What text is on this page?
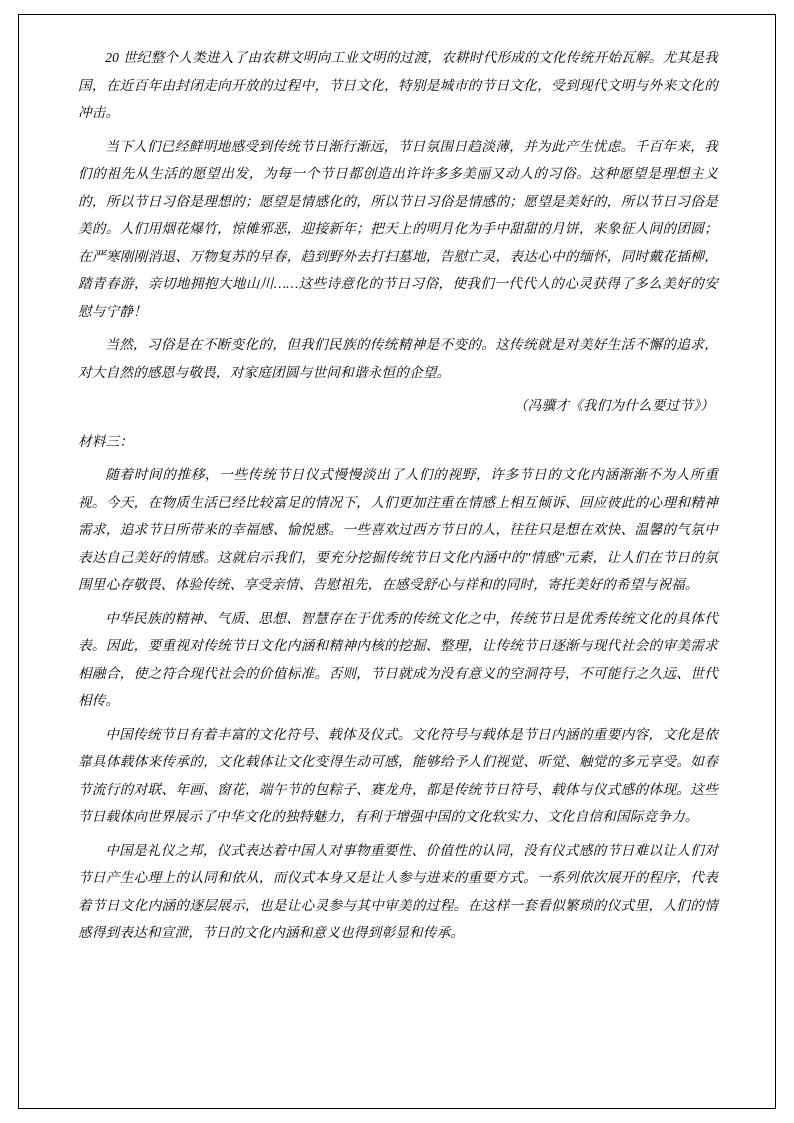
20 世纪整个人类进入了由农耕文明向工业文明的过渡，农耕时代形成的文化传统开始瓦解。尤其是我国，在近百年由封闭走向开放的过程中，节日文化，特别是城市的节日文化，受到现代文明与外来文化的冲击。

当下人们已经鲜明地感受到传统节日渐行渐远，节日氛围日趋淡薄，并为此产生忧虑。千百年来，我们的祖先从生活的愿望出发，为每一个节日都创造出许许多多美丽又动人的习俗。这种愿望是理想主义的，所以节日习俗是理想的；愿望是情感化的，所以节日习俗是情感的；愿望是美好的，所以节日习俗是美的。人们用烟花爆竹，惊傩邪恶，迎接新年；把天上的明月化为手中甜甜的月饼，来象征人间的团圆；在严寒刚刚消退、万物复苏的早春，趋到野外去打扫墓地，告慰亡灵，表达心中的缅怀，同时戴花插柳，踏青春游，亲切地拥抱大地山川……这些诗意化的节日习俗，使我们一代代人的心灵获得了多么美好的安慰与宁静！

当然，习俗是在不断变化的，但我们民族的传统精神是不变的。这传统就是对美好生活不懈的追求，对大自然的感恩与敬畏，对家庭团圆与世间和谐永恒的企望。

（冯骥才《我们为什么要过节》）

材料三：

随着时间的推移，一些传统节日仪式慢慢淡出了人们的视野，许多节日的文化内涵渐渐不为人所重视。今天，在物质生活已经比较富足的情况下，人们更加注重在情感上相互倾诉、回应彼此的心理和精神需求，追求节日所带来的幸福感、愉悦感。一些喜欢过西方节日的人，往往只是想在欢快、温馨的气氛中表达自己美好的情感。这就启示我们，要充分挖掘传统节日文化内涵中的"情感"元素，让人们在节日的氛围里心存敬畏、体验传统、享受亲情、告慰祖先，在感受舒心与祥和的同时，寄托美好的希望与祝福。

中华民族的精神、气质、思想、智慧存在于优秀的传统文化之中，传统节日是优秀传统文化的具体代表。因此，要重视对传统节日文化内涵和精神内核的挖掘、整理，让传统节日逐渐与现代社会的审美需求相融合，使之符合现代社会的价值标准。否则，节日就成为没有意义的空洞符号，不可能行之久远、世代相传。

中国传统节日有着丰富的文化符号、载体及仪式。文化符号与载体是节日内涵的重要内容，文化是依靠具体载体来传承的，文化载体让文化变得生动可感，能够给予人们视觉、听觉、触觉的多元享受。如春节流行的对联、年画、窗花，端午节的包粽子、赛龙舟，都是传统节日符号、载体与仪式感的体现。这些节日载体向世界展示了中华文化的独特魅力，有利于增强中国的文化软实力、文化自信和国际竞争力。

中国是礼仪之邦，仪式表达着中国人对事物重要性、价值性的认同，没有仪式感的节日难以让人们对节日产生心理上的认同和依从，而仪式本身又是让人参与进来的重要方式。一系列依次展开的程序，代表着节日文化内涵的逐层展示，也是让心灵参与其中审美的过程。在这样一套看似繁琐的仪式里，人们的情感得到表达和宣泄，节日的文化内涵和意义也得到彰显和传承。
